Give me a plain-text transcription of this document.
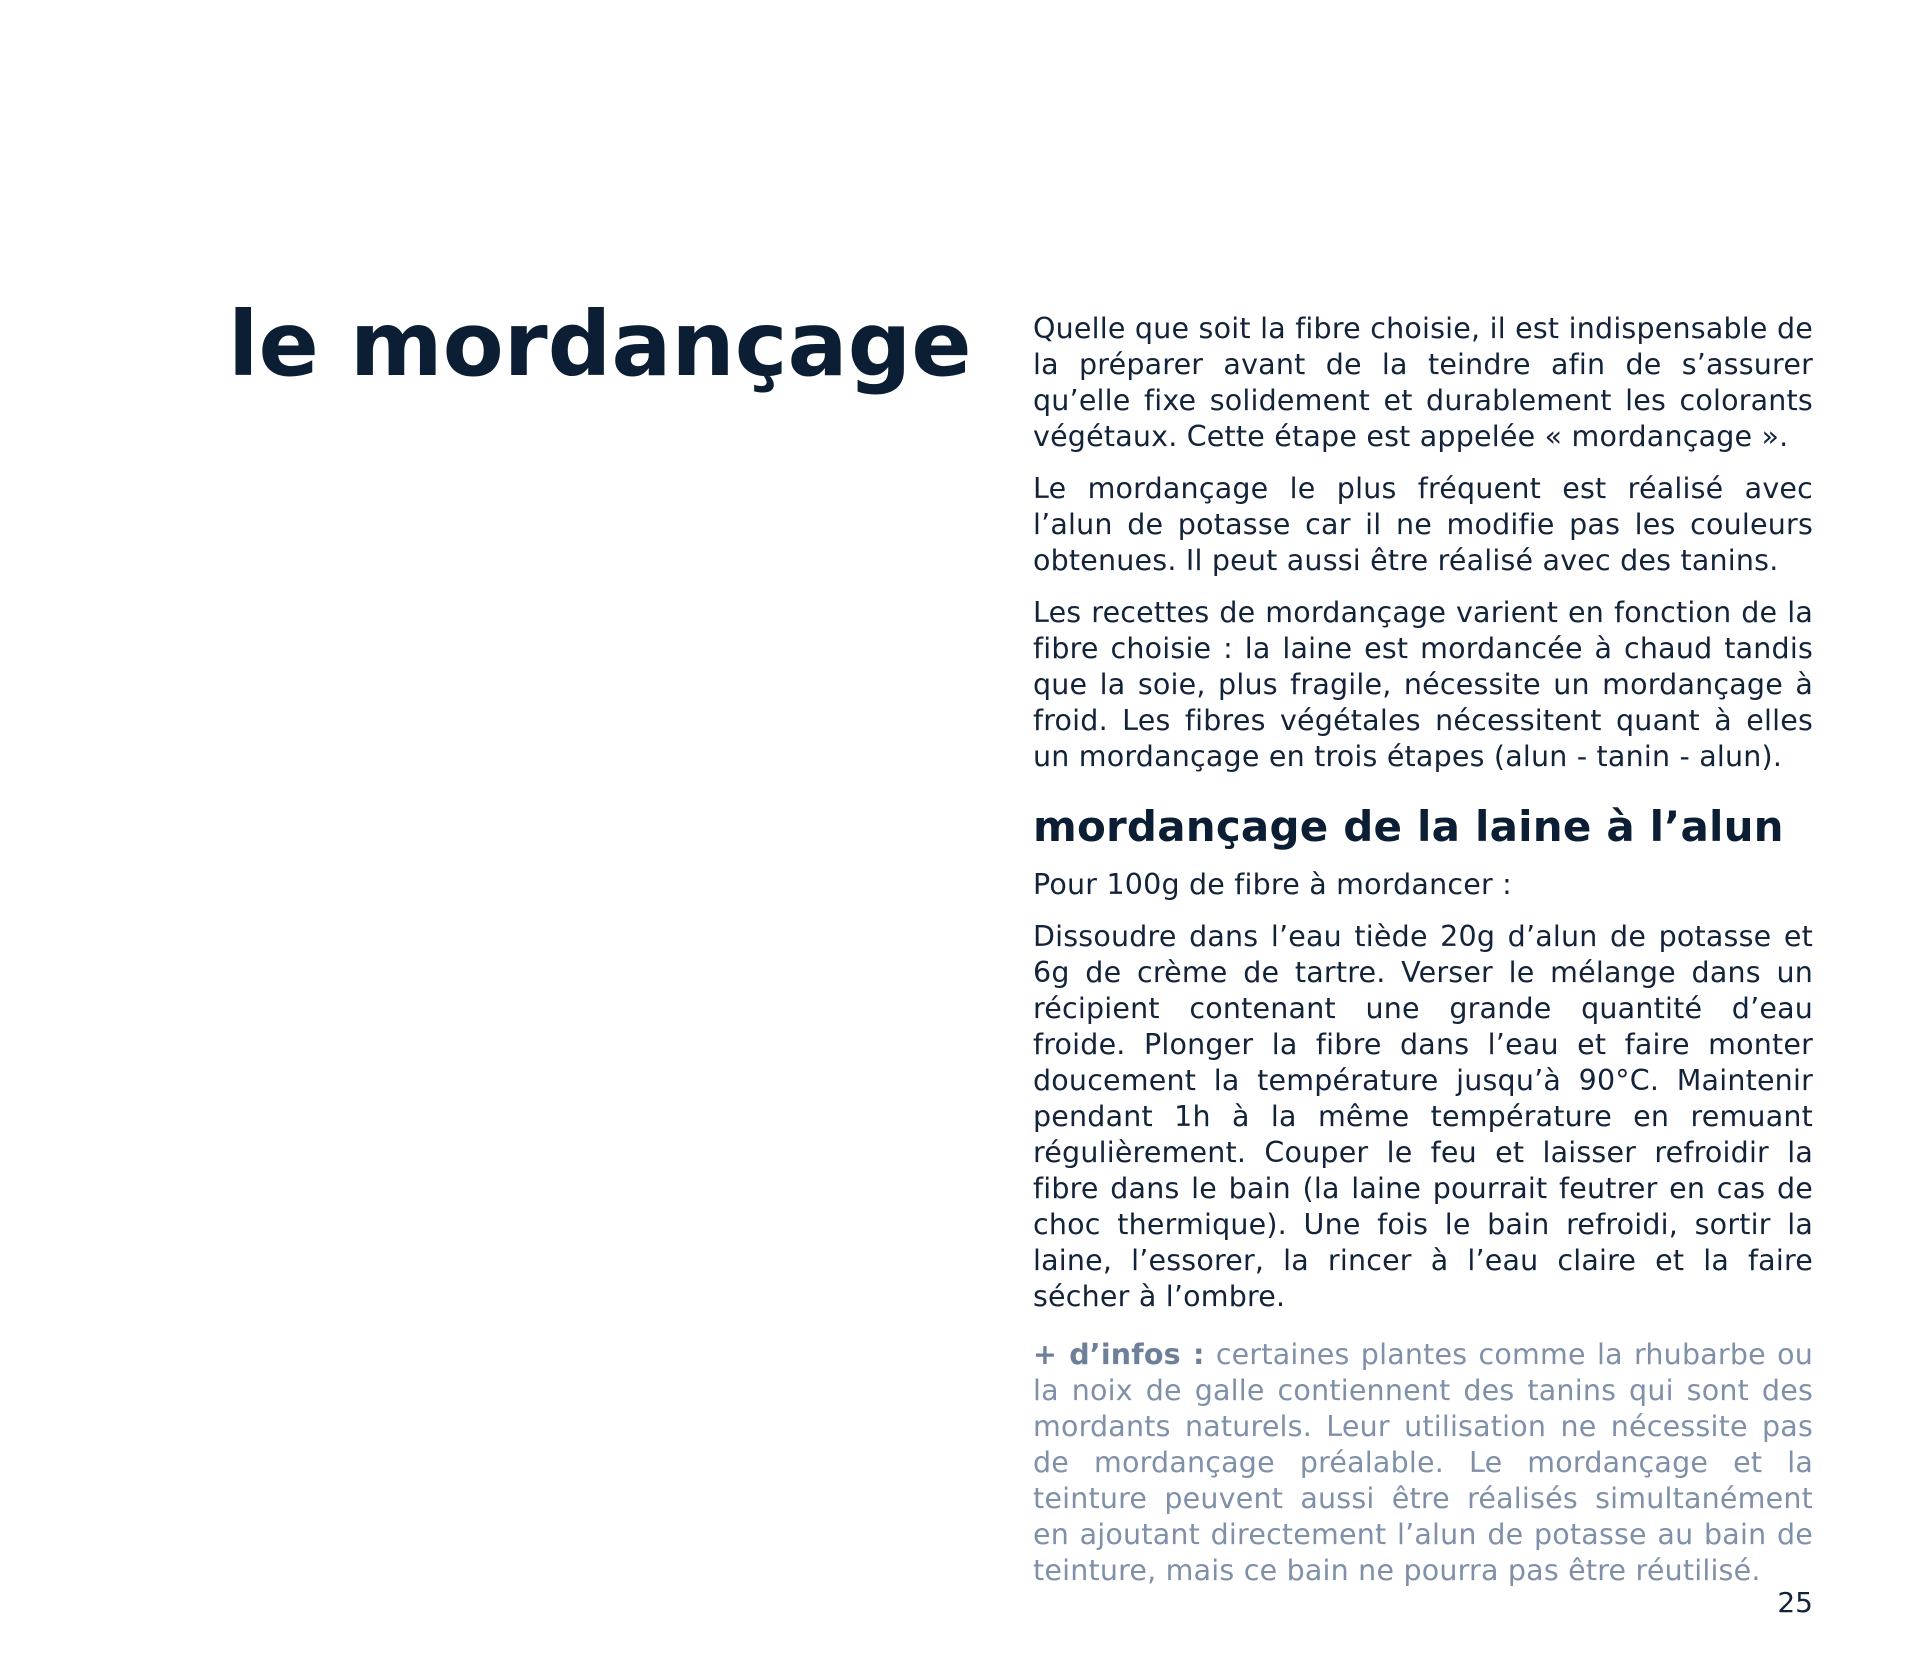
le mordançage Quelle que soit la fibre choisie, il est indispensable de la préparer avant de la teindre afin de s’assurer qu’elle fixe solidement et durablement les colorants végétaux. Cette étape est appelée « mordançage ».

Le mordançage le plus fréquent est réalisé avec l’alun de potasse car il ne modifie pas les couleurs obtenues. Il peut aussi être réalisé avec des tanins.

Les recettes de mordançage varient en fonction de la fibre choisie : la laine est mordancée à chaud tandis que la soie, plus fragile, nécessite un mordançage à froid. Les fibres végétales nécessitent quant à elles un mordançage en trois étapes (alun - tanin - alun).

mordançage de la laine à l’alun

Pour 100g de fibre à mordancer :

Dissoudre dans l’eau tiède 20g d’alun de potasse et 6g de crème de tartre. Verser le mélange dans un récipient contenant une grande quantité d’eau froide. Plonger la fibre dans l’eau et faire monter doucement la température jusqu’à 90°C. Maintenir pendant 1h à la même température en remuant régulièrement. Couper le feu et laisser refroidir la fibre dans le bain (la laine pourrait feutrer en cas de choc thermique). Une fois le bain refroidi, sortir la laine, l’essorer, la rincer à l’eau claire et la faire sécher à l’ombre.

+ d’infos : certaines plantes comme la rhubarbe ou la noix de galle contiennent des tanins qui sont des mordants naturels. Leur utilisation ne nécessite pas de mordançage préalable. Le mordançage et la teinture peuvent aussi être réalisés simultanément en ajoutant directement l’alun de potasse au bain de teinture, mais ce bain ne pourra pas être réutilisé.

25
